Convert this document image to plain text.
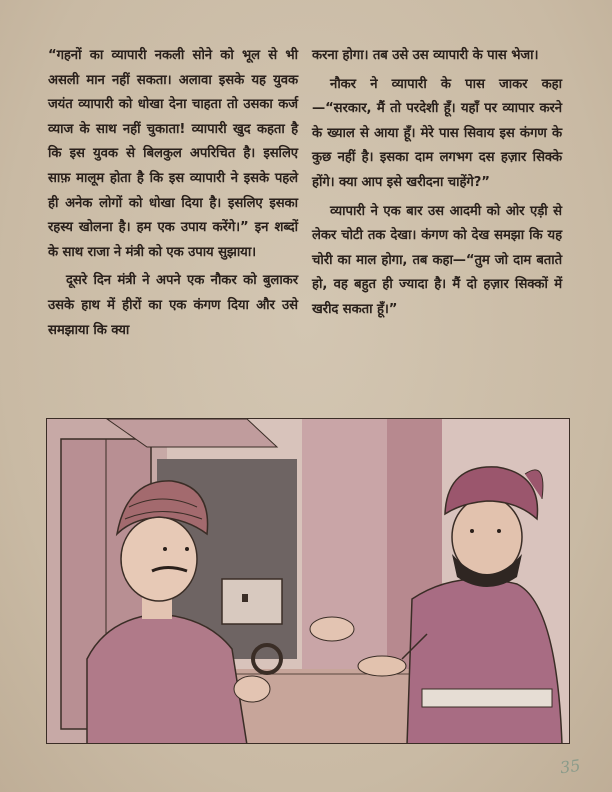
“गहनों का व्यापारी नकली सोने को भूल से भी असली मान नहीं सकता। अलावा इसके यह युवक जयंत व्यापारी को धोखा देना चाहता तो उसका कर्ज व्याज के साथ नहीं चुकाता! व्यापारी खुद कहता है कि इस युवक से बिलकुल अपरिचित है। इसलिए साफ़ मालूम होता है कि इस व्यापारी ने इसके पहले ही अनेक लोगों को धोखा दिया है। इसलिए इसका रहस्य खोलना है। हम एक उपाय करेंगे।” इन शब्दों के साथ राजा ने मंत्री को एक उपाय सुझाया।

दूसरे दिन मंत्री ने अपने एक नौकर को बुलाकर उसके हाथ में हीरों का एक कंगण दिया और उसे समझाया कि क्या

करना होगा। तब उसे उस व्यापारी के पास भेजा।

नौकर ने व्यापारी के पास जाकर कहा—“सरकार, मैं तो परदेशी हूँ। यहाँ पर व्यापार करने के ख्याल से आया हूँ। मेरे पास सिवाय इस कंगण के कुछ नहीं है। इसका दाम लगभग दस हज़ार सिक्के होंगे। क्या आप इसे खरीदना चाहेंगे?”

व्यापारी ने एक बार उस आदमी को ओर एड़ी से लेकर चोटी तक देखा। कंगण को देख समझा कि यह चोरी का माल होगा, तब कहा—“तुम जो दाम बताते हो, वह बहुत ही ज्यादा है। मैं दो हज़ार सिक्कों में खरीद सकता हूँ।”

35
